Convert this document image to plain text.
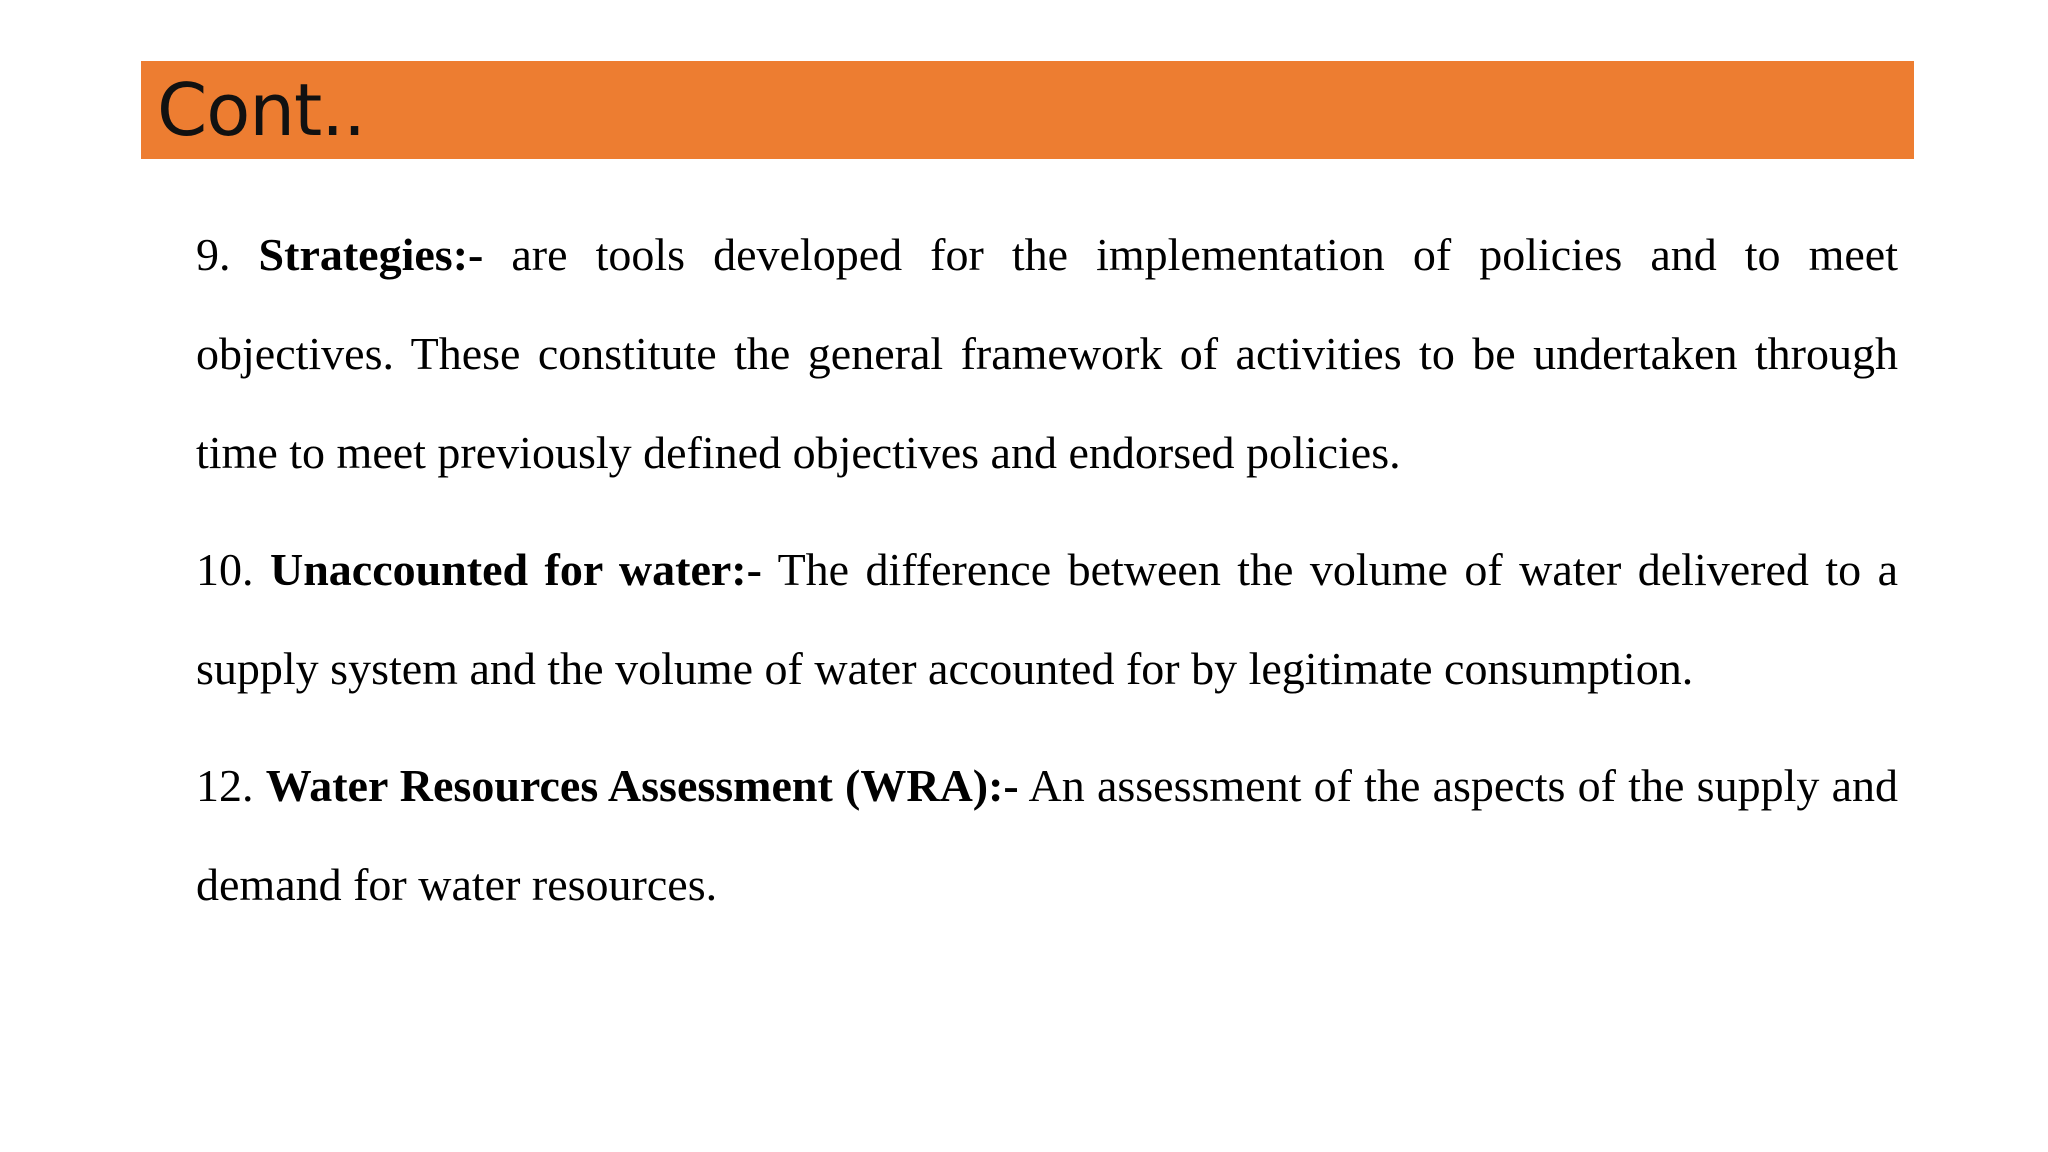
Cont..

9. Strategies:- are tools developed for the implementation of policies and to meet objectives. These constitute the general framework of activities to be undertaken through time to meet previously defined objectives and endorsed policies.

10. Unaccounted for water:- The difference between the volume of water delivered to a supply system and the volume of water accounted for by legitimate consumption.

12. Water Resources Assessment (WRA):- An assessment of the aspects of the supply and demand for water resources.
